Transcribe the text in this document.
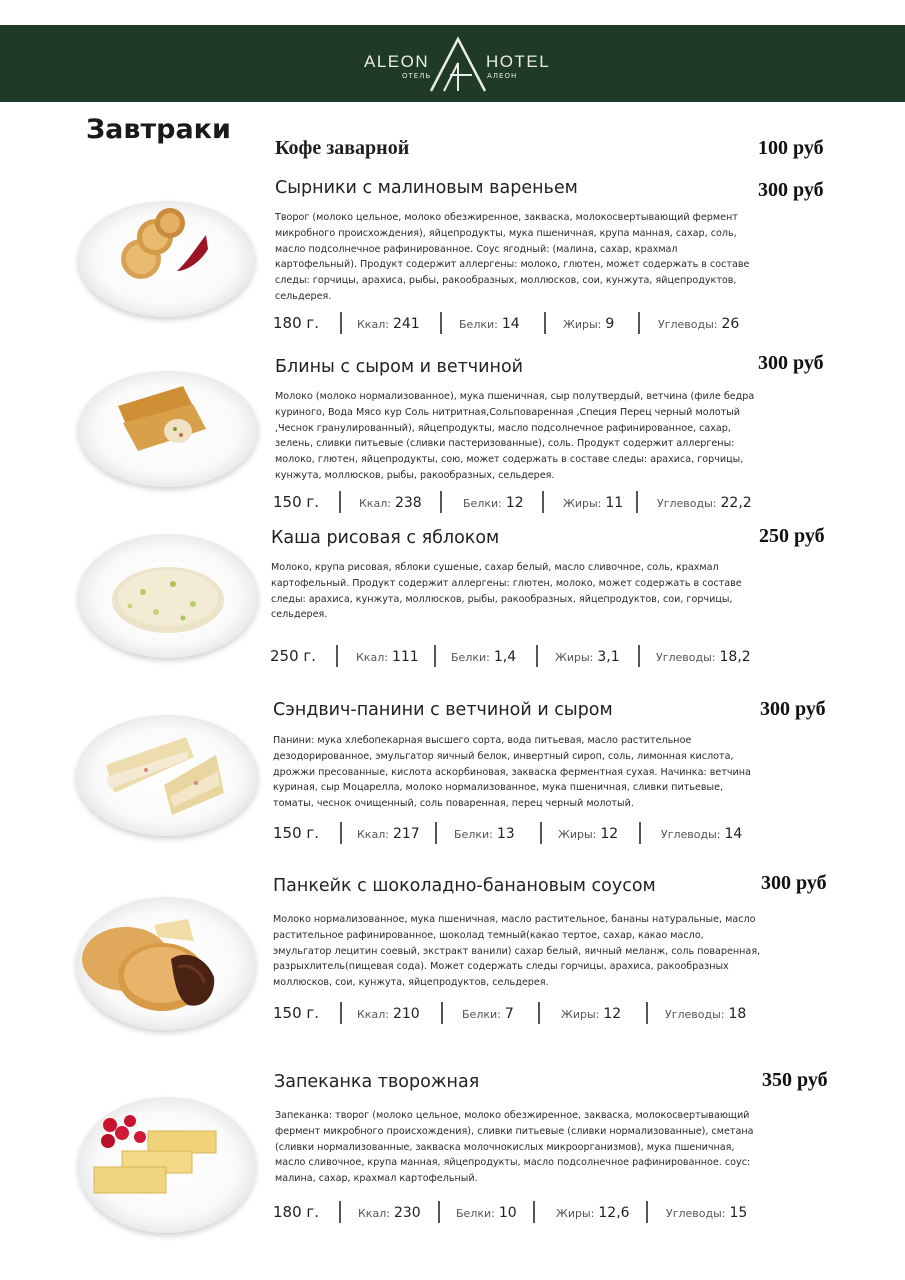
ALEON	HOTEL
ОТЕЛЬ	АЛЕОН
Завтраки
Кофе заварной	100 руб
Сырники с малиновым вареньем	300 руб
Творог (молоко цельное, молоко обезжиренное, закваска, молокосвертывающий фермент микробного происхождения), яйцепродукты, мука пшеничная, крупа манная, сахар, соль, масло подсолнечное рафинированное. Соус ягодный: (малина, сахар, крахмал картофельный). Продукт содержит аллергены: молоко, глютен, может содержать в составе следы: горчицы, арахиса, рыбы, ракообразных, моллюсков, сои, кунжута, яйцепродуктов, сельдерея.
180 г.	Ккал: 241	Белки: 14	Жиры: 9	Углеводы: 26
Блины с сыром и ветчиной	300 руб
Молоко (молоко нормализованное), мука пшеничная, сыр полутвердый, ветчина (филе бедра куриного, Вода Мясо кур Соль нитритная,Сольповаренная ,Специя Перец черный молотый ,Чеснок гранулированный), яйцепродукты, масло подсолнечное рафинированное, сахар, зелень, сливки питьевые (сливки пастеризованные), соль. Продукт содержит аллергены: молоко, глютен, яйцепродукты, сою, может содержать в составе следы: арахиса, горчицы, кунжута, моллюсков, рыбы, ракообразных, сельдерея.
150 г.	Ккал: 238	Белки: 12	Жиры: 11	Углеводы: 22,2
Каша рисовая с яблоком	250 руб
Молоко, крупа рисовая, яблоки сушеные, сахар белый, масло сливочное, соль, крахмал картофельный. Продукт содержит аллергены: глютен, молоко, может содержать в составе следы: арахиса, кунжута, моллюсков, рыбы, ракообразных, яйцепродуктов, сои, горчицы, сельдерея.
250 г.	Ккал: 111	Белки: 1,4	Жиры: 3,1	Углеводы: 18,2
Сэндвич-панини с ветчиной и сыром	300 руб
Панини: мука хлебопекарная высшего сорта, вода питьевая, масло растительное дезодорированное, эмульгатор яичный белок, инвертный сироп, соль, лимонная кислота, дрожжи пресованные, кислота аскорбиновая, закваска ферментная сухая. Начинка: ветчина куриная, сыр Моцарелла, молоко нормализованное, мука пшеничная, сливки питьевые, томаты, чеснок очищенный, соль поваренная, перец черный молотый.
150 г.	Ккал: 217	Белки: 13	Жиры: 12	Углеводы: 14
Панкейк с шоколадно-банановым соусом	300 руб
Молоко нормализованное, мука пшеничная, масло растительное, бананы натуральные, масло растительное рафинированное, шоколад темный(какао тертое, сахар, какао масло, эмульгатор лецитин соевый, экстракт ванили) сахар белый, яичный меланж, соль поваренная, разрыхлитель(пищевая сода). Может содержать следы горчицы, арахиса, ракообразных моллюсков, сои, кунжута, яйцепродуктов, сельдерея.
150 г.	Ккал: 210	Белки: 7	Жиры: 12	Углеводы: 18
Запеканка творожная	350 руб
Запеканка: творог (молоко цельное, молоко обезжиренное, закваска, молокосвертывающий фермент микробного происхождения), сливки питьевые (сливки нормализованные), сметана (сливки нормализованные, закваска молочнокислых микроорганизмов), мука пшеничная, масло сливочное, крупа манная, яйцепродукты, масло подсолнечное рафинированное. соус: малина, сахар, крахмал картофельный.
180 г.	Ккал: 230	Белки: 10	Жиры: 12,6	Углеводы: 15
